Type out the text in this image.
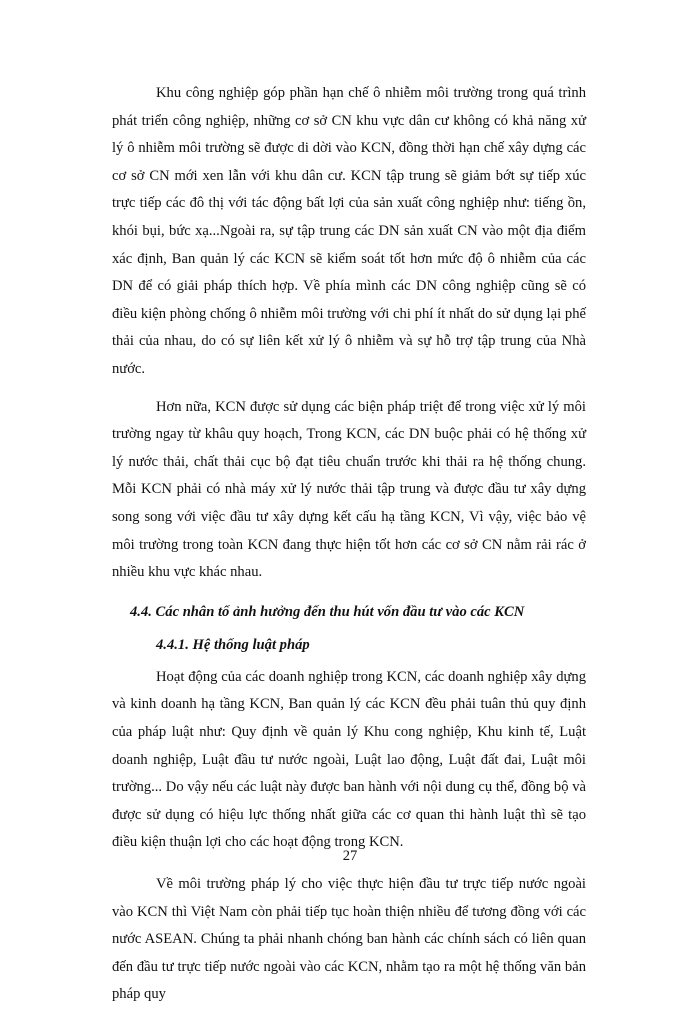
Khu công nghiệp góp phần hạn chế ô nhiễm môi trường trong quá trình phát triển công nghiệp, những cơ sở CN khu vực dân cư không có khả năng xử lý ô nhiễm môi trường sẽ được di dời vào KCN, đồng thời hạn chế xây dựng các cơ sở CN mới xen lẫn với khu dân cư. KCN tập trung sẽ giảm bớt sự tiếp xúc trực tiếp các đô thị với tác động bất lợi của sản xuất công nghiệp như: tiếng ồn, khói bụi, bức xạ...Ngoài ra, sự tập trung các DN sản xuất CN vào một địa điểm xác định, Ban quản lý các KCN sẽ kiểm soát tốt hơn mức độ ô nhiễm của các DN để có giải pháp thích hợp. Về phía mình các DN công nghiệp cũng sẽ có điều kiện phòng chống ô nhiễm môi trường với chi phí ít nhất do sử dụng lại phế thải của nhau, do có sự liên kết xử lý ô nhiễm và sự hỗ trợ tập trung của Nhà nước.

Hơn nữa, KCN được sử dụng các biện pháp triệt để trong việc xử lý môi trường ngay từ khâu quy hoạch, Trong KCN, các DN buộc phải có hệ thống xử lý nước thải, chất thải cục bộ đạt tiêu chuẩn trước khi thải ra hệ thống chung. Mỗi KCN phải có nhà máy xử lý nước thải tập trung và được đầu tư xây dựng song song với việc đầu tư xây dựng kết cấu hạ tầng KCN, Vì vậy, việc bảo vệ môi trường trong toàn KCN đang thực hiện tốt hơn các cơ sở CN nằm rải rác ở nhiều khu vực khác nhau.

4.4. Các nhân tố ảnh hưởng đến thu hút vốn đầu tư vào các KCN
4.4.1. Hệ thống luật pháp

Hoạt động của các doanh nghiệp trong KCN, các doanh nghiệp xây dựng và kinh doanh hạ tầng KCN, Ban quản lý các KCN đều phải tuân thủ quy định của pháp luật như: Quy định về quản lý Khu cong nghiệp, Khu kinh tế, Luật doanh nghiệp, Luật đầu tư nước ngoài, Luật lao động, Luật đất đai, Luật môi trường... Do vậy nếu các luật này được ban hành với nội dung cụ thể, đồng bộ và được sử dụng có hiệu lực thống nhất giữa các cơ quan thi hành luật thì sẽ tạo điều kiện thuận lợi cho các hoạt động trong KCN.

Về môi trường pháp lý cho việc thực hiện đầu tư trực tiếp nước ngoài vào KCN thì Việt Nam còn phải tiếp tục hoàn thiện nhiều để tương đồng với các nước ASEAN. Chúng ta phải nhanh chóng ban hành các chính sách có liên quan đến đầu tư trực tiếp nước ngoài vào các KCN, nhằm tạo ra một hệ thống văn bản pháp quy

27
